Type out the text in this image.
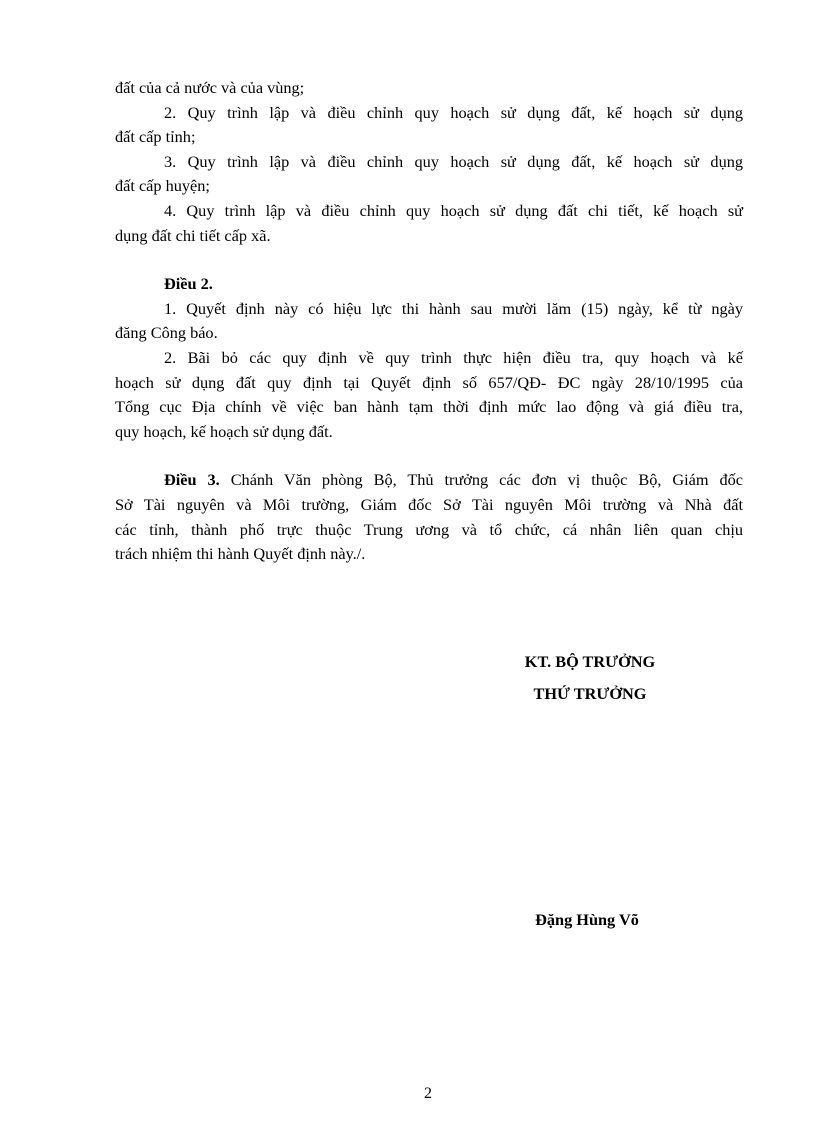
đất của cả nước và của vùng;
2. Quy trình lập và điều chỉnh quy hoạch sử dụng đất, kế hoạch sử dụng
đất cấp tỉnh;
3. Quy trình lập và điều chỉnh quy hoạch sử dụng đất, kế hoạch sử dụng
đất cấp huyện;
4. Quy trình lập và điều chỉnh quy hoạch sử dụng đất chi tiết, kế hoạch sử
dụng đất chi tiết cấp xã.
Điều 2.
1. Quyết định này có hiệu lực thi hành sau mười lăm (15) ngày, kể từ ngày
đăng Công báo.
2. Bãi bỏ các quy định về quy trình thực hiện điều tra, quy hoạch và kế
hoạch sử dụng đất quy định tại Quyết định số 657/QĐ- ĐC ngày 28/10/1995 của
Tổng cục Địa chính về việc ban hành tạm thời định mức lao động và giá điều tra,
quy hoạch, kế hoạch sử dụng đất.
Điều 3. Chánh Văn phòng Bộ, Thủ trưởng các đơn vị thuộc Bộ, Giám đốc
Sở Tài nguyên và Môi trường, Giám đốc Sở Tài nguyên Môi trường và Nhà đất
các tỉnh, thành phố trực thuộc Trung ương và tổ chức, cá nhân liên quan chịu
trách nhiệm thi hành Quyết định này./.
KT. BỘ TRƯỞNG
THỨ TRƯỞNG
Đặng Hùng Võ
2
